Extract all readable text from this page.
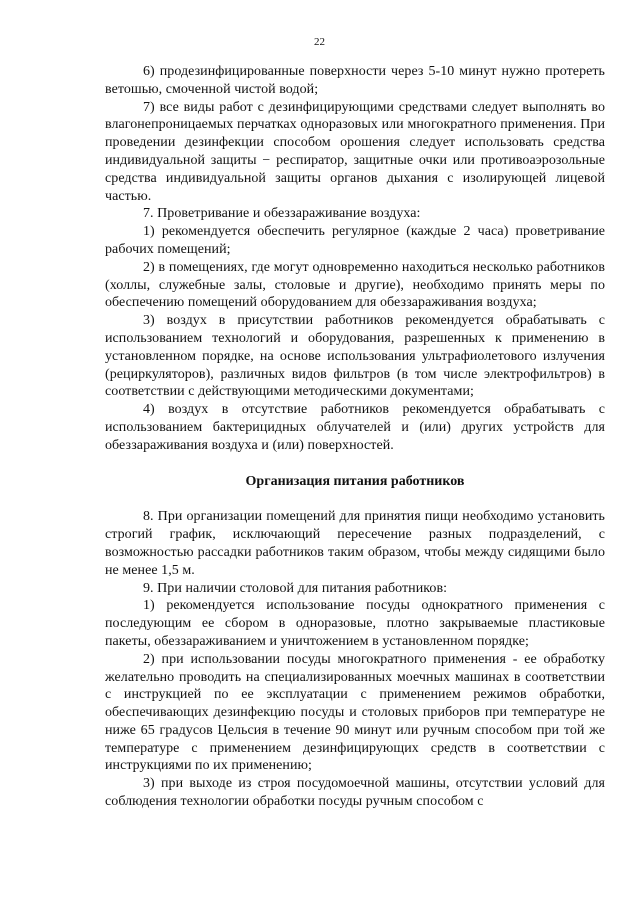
22

6) продезинфицированные поверхности через 5-10 минут нужно протереть ветошью, смоченной чистой водой;

7) все виды работ с дезинфицирующими средствами следует выполнять во влагонепроницаемых перчатках одноразовых или многократного применения. При проведении дезинфекции способом орошения следует использовать средства индивидуальной защиты − респиратор, защитные очки или противоаэрозольные средства индивидуальной защиты органов дыхания с изолирующей лицевой частью.

7. Проветривание и обеззараживание воздуха:

1) рекомендуется обеспечить регулярное (каждые 2 часа) проветривание рабочих помещений;

2) в помещениях, где могут одновременно находиться несколько работников (холлы, служебные залы, столовые и другие), необходимо принять меры по обеспечению помещений оборудованием для обеззараживания воздуха;

3) воздух в присутствии работников рекомендуется обрабатывать с использованием технологий и оборудования, разрешенных к применению в установленном порядке, на основе использования ультрафиолетового излучения (рециркуляторов), различных видов фильтров (в том числе электрофильтров) в соответствии с действующими методическими документами;

4) воздух в отсутствие работников рекомендуется обрабатывать с использованием бактерицидных облучателей и (или) других устройств для обеззараживания воздуха и (или) поверхностей.

Организация питания работников

8. При организации помещений для принятия пищи необходимо установить строгий график, исключающий пересечение разных подразделений, с возможностью рассадки работников таким образом, чтобы между сидящими было не менее 1,5 м.

9. При наличии столовой для питания работников:

1) рекомендуется использование посуды однократного применения с последующим ее сбором в одноразовые, плотно закрываемые пластиковые пакеты, обеззараживанием и уничтожением в установленном порядке;

2) при использовании посуды многократного применения - ее обработку желательно проводить на специализированных моечных машинах в соответствии с инструкцией по ее эксплуатации с применением режимов обработки, обеспечивающих дезинфекцию посуды и столовых приборов при температуре не ниже 65 градусов Цельсия в течение 90 минут или ручным способом при той же температуре с применением дезинфицирующих средств в соответствии с инструкциями по их применению;

3) при выходе из строя посудомоечной машины, отсутствии условий для соблюдения технологии обработки посуды ручным способом с
